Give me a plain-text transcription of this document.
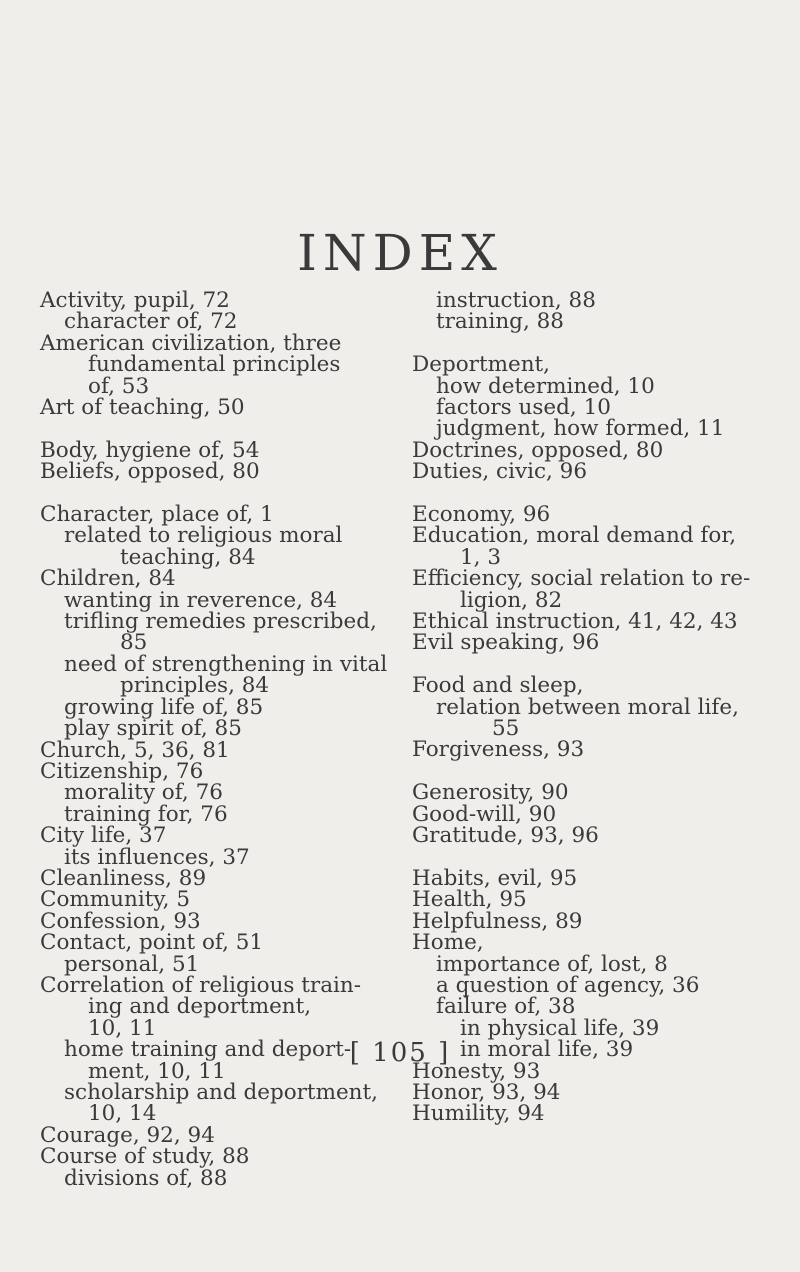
INDEX
Activity, pupil, 72
character of, 72
American civilization, three
fundamental principles
of, 53
Art of teaching, 50
Body, hygiene of, 54
Beliefs, opposed, 80
Character, place of, 1
related to religious moral
teaching, 84
Children, 84
wanting in reverence, 84
trifling remedies prescribed,
85
need of strengthening in vital
principles, 84
growing life of, 85
play spirit of, 85
Church, 5, 36, 81
Citizenship, 76
morality of, 76
training for, 76
City life, 37
its influences, 37
Cleanliness, 89
Community, 5
Confession, 93
Contact, point of, 51
personal, 51
Correlation of religious train-
ing and deportment,
10, 11
home training and deport-
ment, 10, 11
scholarship and deportment,
10, 14
Courage, 92, 94
Course of study, 88
divisions of, 88
instruction, 88
training, 88
Deportment,
how determined, 10
factors used, 10
judgment, how formed, 11
Doctrines, opposed, 80
Duties, civic, 96
Economy, 96
Education, moral demand for,
1, 3
Efficiency, social relation to re-
ligion, 82
Ethical instruction, 41, 42, 43
Evil speaking, 96
Food and sleep,
relation between moral life,
55
Forgiveness, 93
Generosity, 90
Good-will, 90
Gratitude, 93, 96
Habits, evil, 95
Health, 95
Helpfulness, 89
Home,
importance of, lost, 8
a question of agency, 36
failure of, 38
in physical life, 39
in moral life, 39
Honesty, 93
Honor, 93, 94
Humility, 94
[ 105 ]
